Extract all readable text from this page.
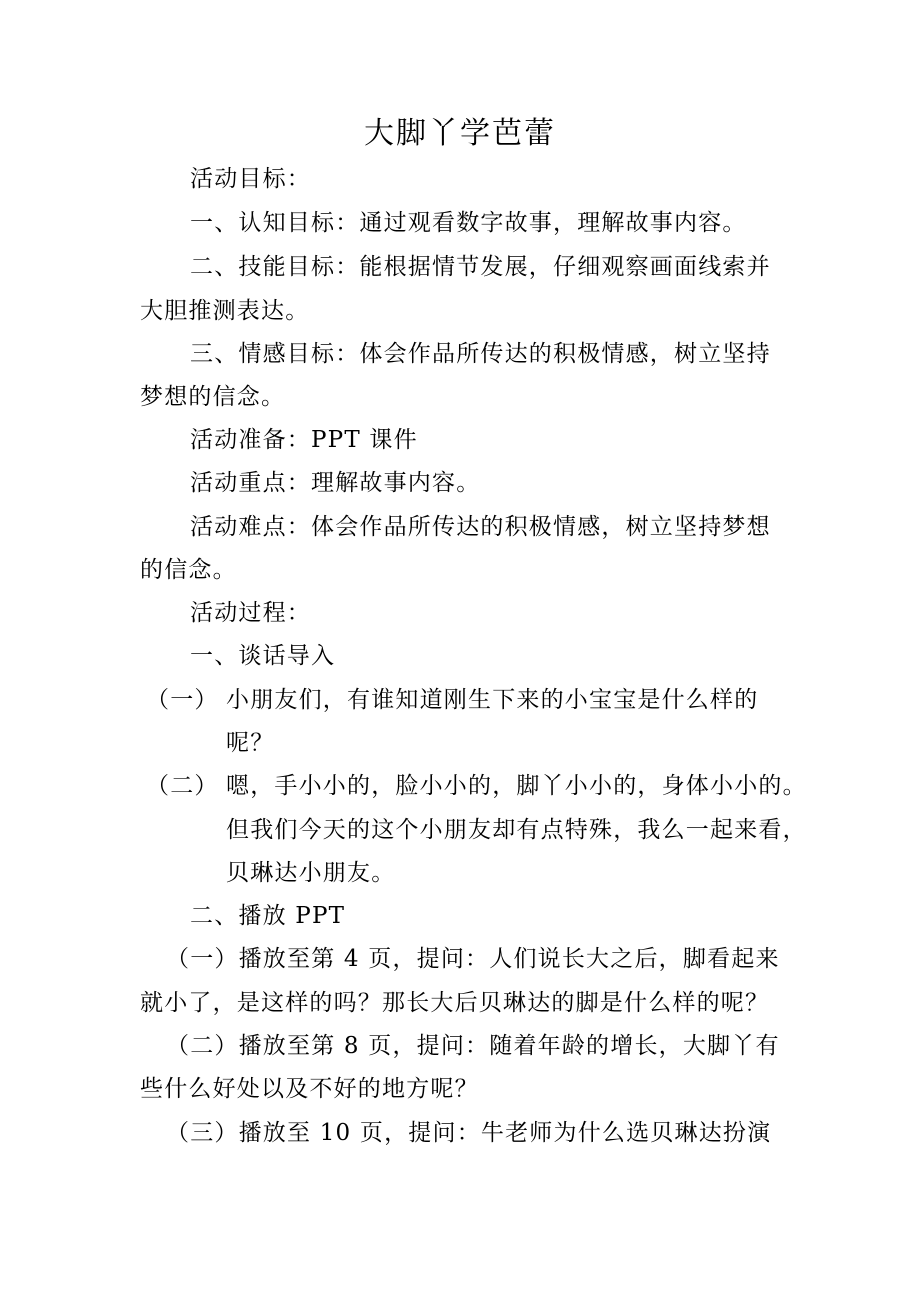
大脚丫学芭蕾
活动目标：
一、认知目标：通过观看数字故事，理解故事内容。
二、技能目标：能根据情节发展，仔细观察画面线索并
大胆推测表达。
三、情感目标：体会作品所传达的积极情感，树立坚持
梦想的信念。
活动准备：PPT 课件
活动重点：理解故事内容。
活动难点：体会作品所传达的积极情感，树立坚持梦想
的信念。
活动过程：
一、谈话导入
（一） 小朋友们，有谁知道刚生下来的小宝宝是什么样的
呢？
（二） 嗯，手小小的，脸小小的，脚丫小小的，身体小小的。
但我们今天的这个小朋友却有点特殊，我么一起来看，
贝琳达小朋友。
二、播放 PPT
（一）播放至第 4 页，提问：人们说长大之后，脚看起来
就小了，是这样的吗？那长大后贝琳达的脚是什么样的呢？
（二）播放至第 8 页，提问：随着年龄的增长，大脚丫有
些什么好处以及不好的地方呢？
（三）播放至 10 页，提问：牛老师为什么选贝琳达扮演
